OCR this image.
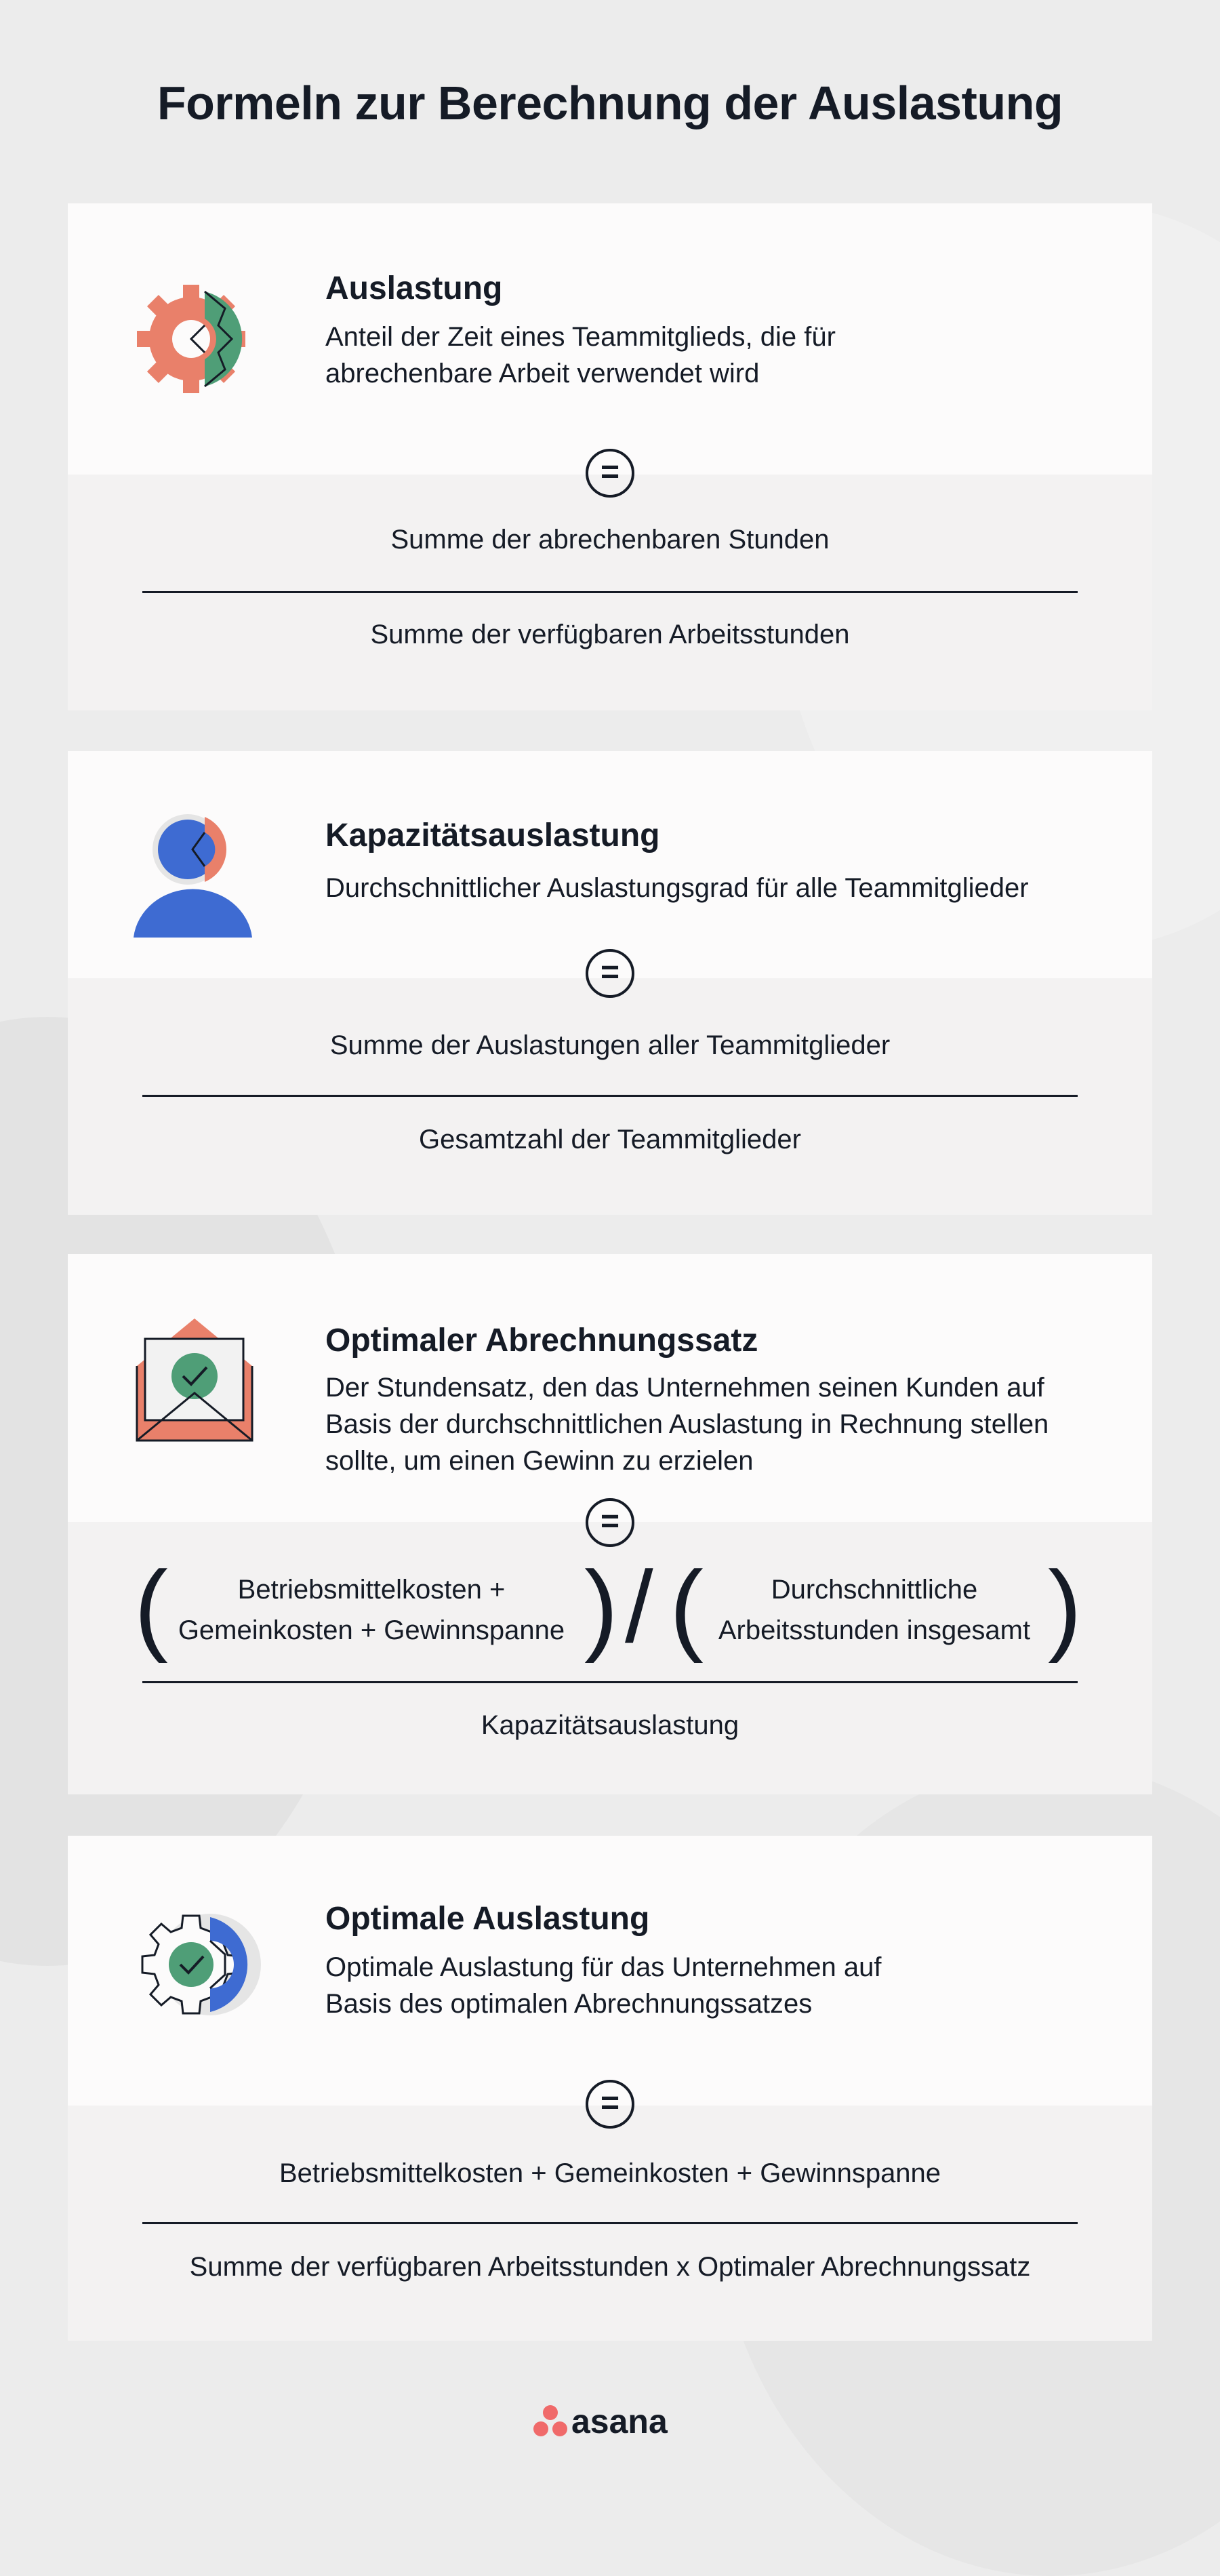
Formeln zur Berechnung der Auslastung
Auslastung
Anteil der Zeit eines Teammitglieds, die für abrechenbare Arbeit verwendet wird
=
Summe der abrechenbaren Stunden
Summe der verfügbaren Arbeitsstunden
Kapazitätsauslastung
Durchschnittlicher Auslastungsgrad für alle Teammitglieder
=
Summe der Auslastungen aller Teammitglieder
Gesamtzahl der Teammitglieder
Optimaler Abrechnungssatz
Der Stundensatz, den das Unternehmen seinen Kunden auf Basis der durchschnittlichen Auslastung in Rechnung stellen sollte, um einen Gewinn zu erzielen
=
(	Betriebsmittelkosten + Gemeinkosten + Gewinnspanne ) / (	Durchschnittliche Arbeitsstunden insgesamt )
Kapazitätsauslastung
Optimale Auslastung
Optimale Auslastung für das Unternehmen auf Basis des optimalen Abrechnungssatzes
=
Betriebsmittelkosten + Gemeinkosten + Gewinnspanne
Summe der verfügbaren Arbeitsstunden x Optimaler Abrechnungssatz
asana
